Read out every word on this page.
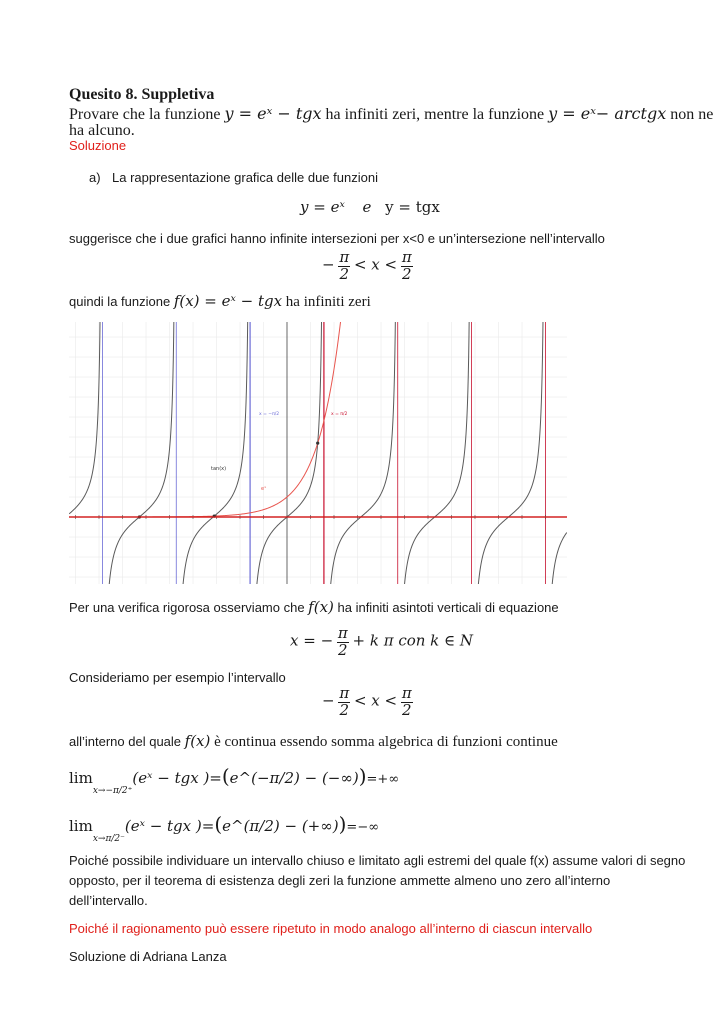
Quesito 8. Suppletiva
Provare che la funzione y = eˣ − tgx ha infiniti zeri, mentre la funzione y = eˣ− arctgx non ne
ha alcuno.
Soluzione
a) La rappresentazione grafica delle due funzioni
y = eˣ e y = tgx
suggerisce che i due grafici hanno infinite intersezioni per x<0 e un’intersezione nell’intervallo
− $\frac{\pi}{2} < x < \frac{\pi}{2}$
quindi la funzione f(x) = eˣ − tgx ha infiniti zeri
tan(x)
eˣ
x = −π/2	x = π/2
Per una verifica rigorosa osserviamo che f(x) ha infiniti asintoti verticali di equazione
x = − $\frac{\pi}{2} + k$ π con k ∈ N
Consideriamo per esempio l’intervallo
− $\frac{\pi}{2} < x < \frac{\pi}{2}$
all’interno del quale f(x) è continua essendo somma algebrica di funzioni continue
$\lim_{x\to-\pi/2^+}(eˣ$ − tgx )=(e^(−π/2) − (−∞))=+∞
$\lim_{x\to\pi/2^-}(eˣ$ − tgx )=(e^(π/2) − (+∞))=−∞
Poiché possibile individuare un intervallo chiuso e limitato agli estremi del quale f(x) assume valori di segno
opposto, per il teorema di esistenza degli zeri la funzione ammette almeno uno zero all’interno
dell’intervallo.
Poiché il ragionamento può essere ripetuto in modo analogo all’interno di ciascun intervallo
Soluzione di Adriana Lanza
